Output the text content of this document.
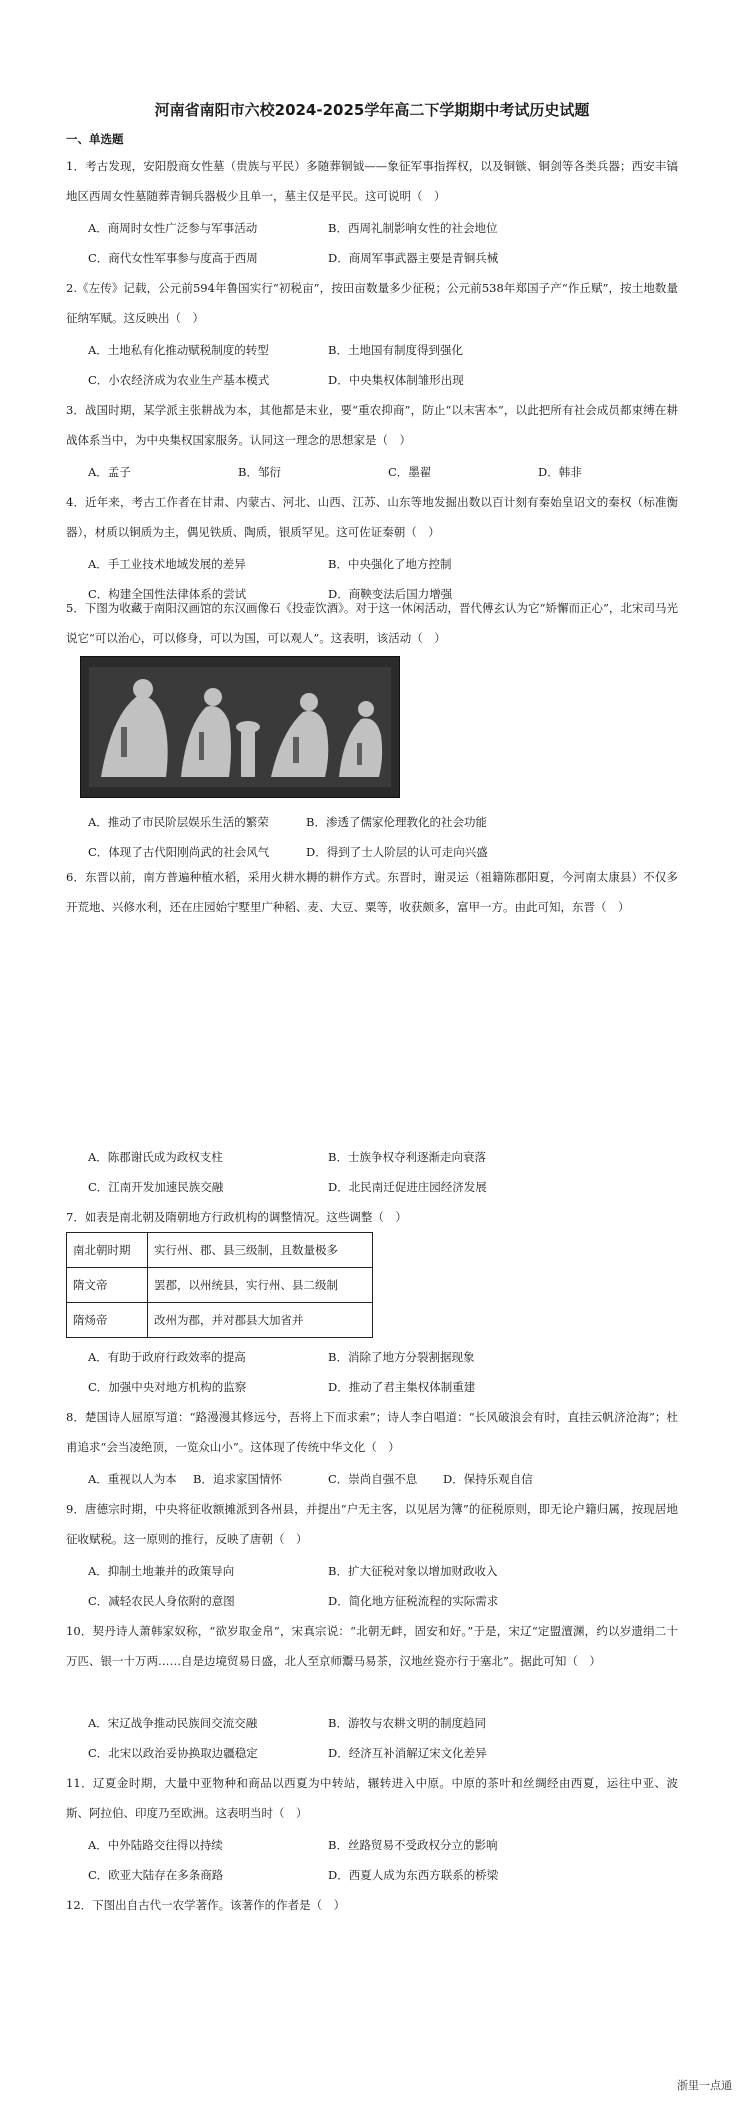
河南省南阳市六校2024-2025学年高二下学期期中考试历史试题
一、单选题
1．考古发现，安阳殷商女性墓（贵族与平民）多随葬铜钺——象征军事指挥权，以及铜镞、铜剑等各类兵器；西安丰镐地区西周女性墓随葬青铜兵器极少且单一，墓主仅是平民。这可说明（　）
A．商周时女性广泛参与军事活动	B．西周礼制影响女性的社会地位
C．商代女性军事参与度高于西周	D．商周军事武器主要是青铜兵械
2.《左传》记载，公元前594年鲁国实行“初税亩”，按田亩数量多少征税；公元前538年郑国子产“作丘赋”，按土地数量征纳军赋。这反映出（　）
A．土地私有化推动赋税制度的转型	B．土地国有制度得到强化
C．小农经济成为农业生产基本模式	D．中央集权体制雏形出现
3．战国时期，某学派主张耕战为本，其他都是末业，要“重农抑商”，防止“以末害本”，以此把所有社会成员都束缚在耕战体系当中，为中央集权国家服务。认同这一理念的思想家是（　）
A．孟子	B．邹衍	C．墨翟	D．韩非
4．近年来，考古工作者在甘肃、内蒙古、河北、山西、江苏、山东等地发掘出数以百计刻有秦始皇诏文的秦权（标准衡器），材质以铜质为主，偶见铁质、陶质，银质罕见。这可佐证秦朝（　）
A．手工业技术地域发展的差异	B．中央强化了地方控制
C．构建全国性法律体系的尝试	D．商鞅变法后国力增强
5．下图为收藏于南阳汉画馆的东汉画像石《投壶饮酒》。对于这一休闲活动，晋代傅玄认为它“矫懈而正心”，北宋司马光说它“可以治心，可以修身，可以为国，可以观人”。这表明，该活动（　）
A．推动了市民阶层娱乐生活的繁荣	B．渗透了儒家伦理教化的社会功能
C．体现了古代阳刚尚武的社会风气	D．得到了士人阶层的认可走向兴盛
6．东晋以前，南方普遍种植水稻，采用火耕水耨的耕作方式。东晋时，谢灵运（祖籍陈郡阳夏，今河南太康县）不仅多开荒地、兴修水利，还在庄园始宁墅里广种稻、麦、大豆、粟等，收获颇多，富甲一方。由此可知，东晋（　）
A．陈郡谢氏成为政权支柱	B．士族争权夺利逐渐走向衰落
C．江南开发加速民族交融	D．北民南迁促进庄园经济发展
7．如表是南北朝及隋朝地方行政机构的调整情况。这些调整（　）
南北朝时期	实行州、郡、县三级制，且数量极多
隋文帝	罢郡，以州统县，实行州、县二级制
隋炀帝	改州为郡，并对郡县大加省并
A．有助于政府行政效率的提高	B．消除了地方分裂割据现象
C．加强中央对地方机构的监察	D．推动了君主集权体制重建
8．楚国诗人屈原写道：“路漫漫其修远兮，吾将上下而求索”；诗人李白唱道：“长风破浪会有时，直挂云帆济沧海”；杜甫追求“会当凌绝顶，一览众山小”。这体现了传统中华文化（　）
A．重视以人为本 B．追求家国情怀	C．崇尚自强不息 D．保持乐观自信
9．唐德宗时期，中央将征收额摊派到各州县，并提出“户无主客，以见居为簿”的征税原则，即无论户籍归属，按现居地征收赋税。这一原则的推行，反映了唐朝（　）
A．抑制土地兼并的政策导向	B．扩大征税对象以增加财政收入
C．减轻农民人身依附的意图	D．简化地方征税流程的实际需求
10．契丹诗人萧韩家奴称，“欲岁取金帛”，宋真宗说：“北朝无衅，固安和好。”于是，宋辽“定盟澶渊，约以岁遗绢二十万匹、银一十万两……自是边境贸易日盛，北人至京师鬻马易茶，汉地丝瓷亦行于塞北”。据此可知（　）
A．宋辽战争推动民族间交流交融	B．游牧与农耕文明的制度趋同
C．北宋以政治妥协换取边疆稳定	D．经济互补消解辽宋文化差异
11．辽夏金时期，大量中亚物种和商品以西夏为中转站，辗转进入中原。中原的茶叶和丝绸经由西夏，运往中亚、波斯、阿拉伯、印度乃至欧洲。这表明当时（　）
A．中外陆路交往得以持续	B．丝路贸易不受政权分立的影响
C．欧亚大陆存在多条商路	D．西夏人成为东西方联系的桥梁
12．下图出自古代一农学著作。该著作的作者是（　）
浙里一点通
